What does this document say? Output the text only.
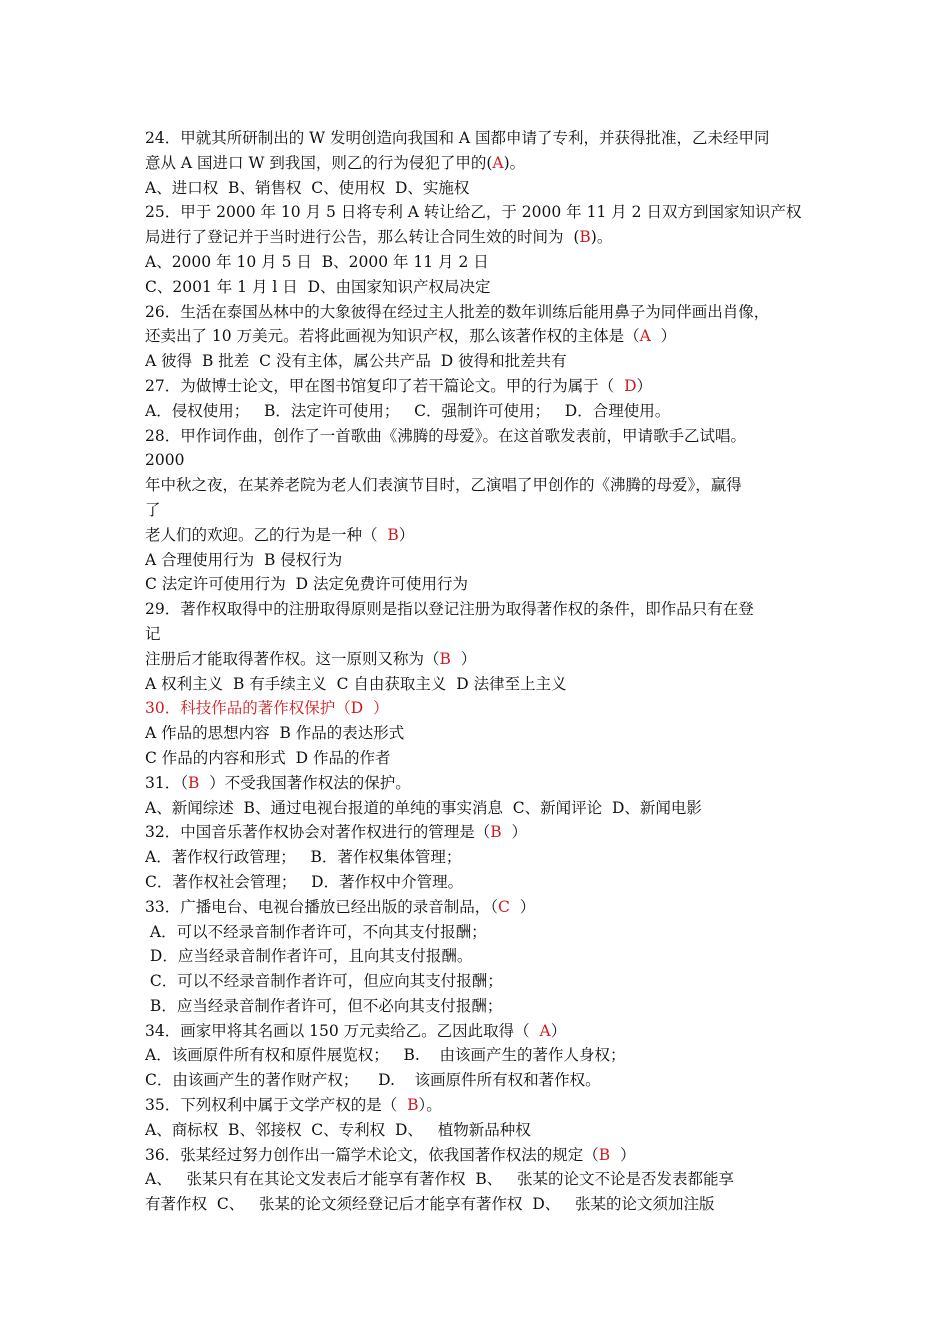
24．甲就其所研制出的 W 发明创造向我国和 A 国都申请了专利，并获得批准，乙未经甲同
意从 A 国进口 W 到我国，则乙的行为侵犯了甲的(A)。
A、进口权  B、销售权  C、使用权  D、实施权
25．甲于 2000 年 10 月 5 日将专利 A 转让给乙，于 2000 年 11 月 2 日双方到国家知识产权
局进行了登记并于当时进行公告，那么转让合同生效的时间为  (B)。
A、2000 年 10 月 5 日  B、2000 年 11 月 2 日
C、2001 年 1 月 l 日  D、由国家知识产权局决定
26．生活在泰国丛林中的大象彼得在经过主人批差的数年训练后能用鼻子为同伴画出肖像，
还卖出了 10 万美元。若将此画视为知识产权，那么该著作权的主体是（A  ）
A 彼得  B 批差  C 没有主体，属公共产品  D 彼得和批差共有
27．为做博士论文，甲在图书馆复印了若干篇论文。甲的行为属于（  D）
A．侵权使用；   B．法定许可使用；   C．强制许可使用；   D．合理使用。
28．甲作词作曲，创作了一首歌曲《沸腾的母爱》。在这首歌发表前，甲请歌手乙试唱。
2000
年中秋之夜，在某养老院为老人们表演节目时，乙演唱了甲创作的《沸腾的母爱》，赢得
了
老人们的欢迎。乙的行为是一种（  B）
A 合理使用行为  B 侵权行为
C 法定许可使用行为  D 法定免费许可使用行为
29．著作权取得中的注册取得原则是指以登记注册为取得著作权的条件，即作品只有在登
记
注册后才能取得著作权。这一原则又称为（B  ）
A 权利主义  B 有手续主义  C 自由获取主义  D 法律至上主义
30．科技作品的著作权保护（D  ）
A 作品的思想内容  B 作品的表达形式
C 作品的内容和形式  D 作品的作者
31．（B  ）不受我国著作权法的保护。
A、新闻综述  B、通过电视台报道的单纯的事实消息  C、新闻评论  D、新闻电影
32．中国音乐著作权协会对著作权进行的管理是（B  ）
A．著作权行政管理；   B．著作权集体管理；
C．著作权社会管理；   D．著作权中介管理。
33．广播电台、电视台播放已经出版的录音制品，（C  ）
A．可以不经录音制作者许可，不向其支付报酬；
D．应当经录音制作者许可，且向其支付报酬。
C．可以不经录音制作者许可，但应向其支付报酬；
B．应当经录音制作者许可，但不必向其支付报酬；
34．画家甲将其名画以 150 万元卖给乙。乙因此取得（  A）
A．该画原件所有权和原件展览权；   B.    由该画产生的著作人身权；
C．由该画产生的著作财产权；    D.    该画原件所有权和著作权。
35．下列权利中属于文学产权的是（  B）。
A、商标权  B、邻接权  C、专利权  D、   植物新品种权
36．张某经过努力创作出一篇学术论文，依我国著作权法的规定（B  ）
A、   张某只有在其论文发表后才能享有著作权  B、   张某的论文不论是否发表都能享
有著作权  C、   张某的论文须经登记后才能享有著作权  D、   张某的论文须加注版
